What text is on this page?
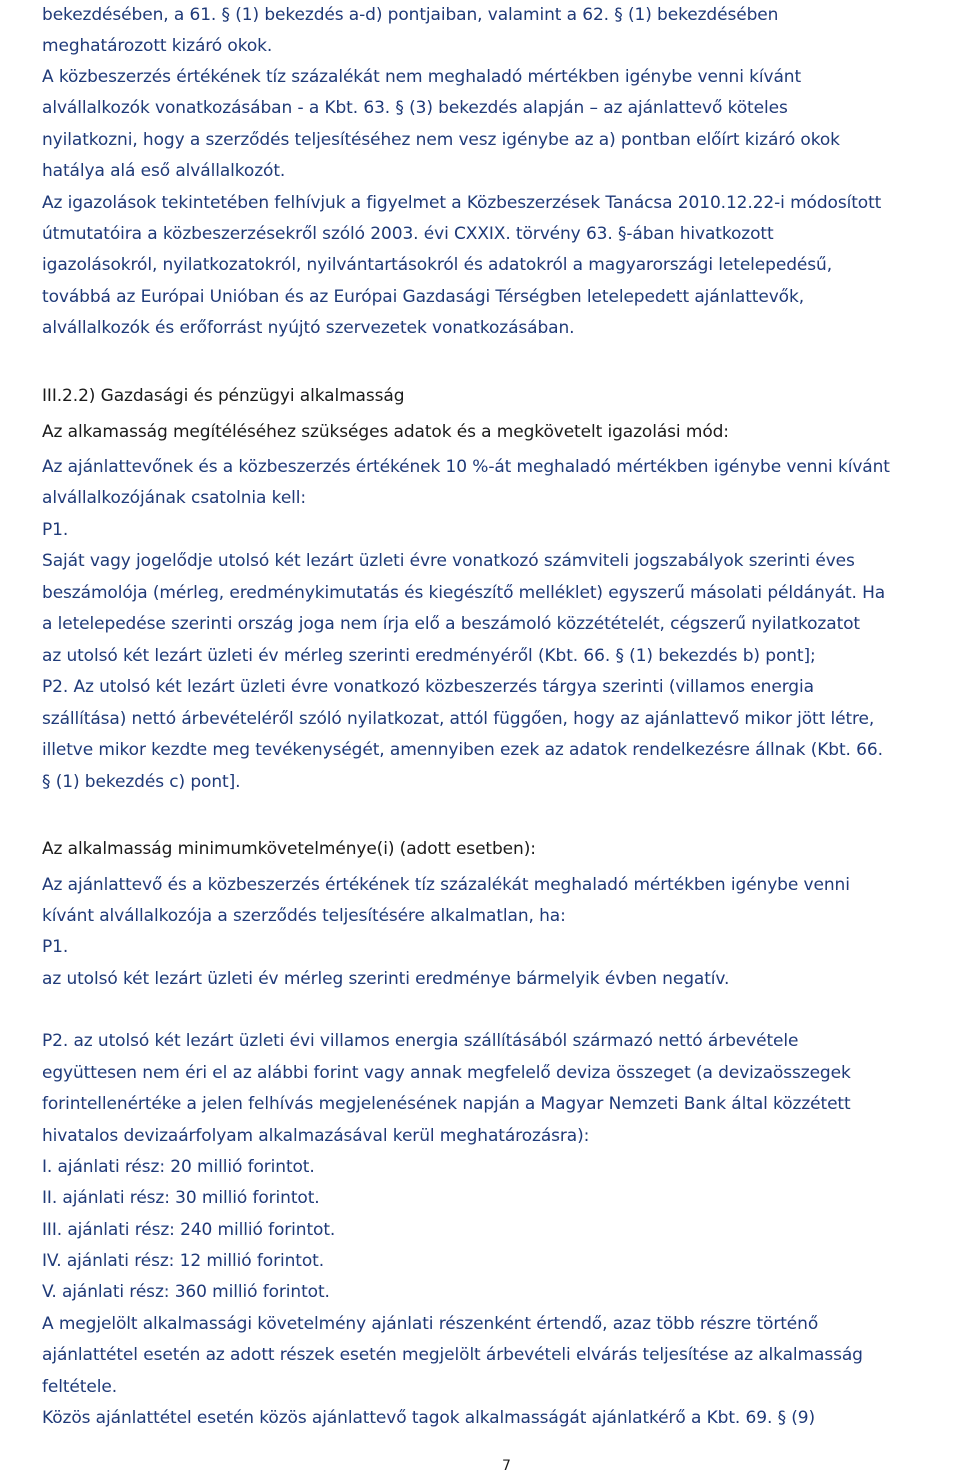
bekezdésében, a 61. § (1) bekezdés a-d) pontjaiban, valamint a 62. § (1) bekezdésében
meghatározott kizáró okok.
A közbeszerzés értékének tíz százalékát nem meghaladó mértékben igénybe venni kívánt
alvállalkozók vonatkozásában - a Kbt. 63. § (3) bekezdés alapján – az ajánlattevő köteles
nyilatkozni, hogy a szerződés teljesítéséhez nem vesz igénybe az a) pontban előírt kizáró okok
hatálya alá eső alvállalkozót.
Az igazolások tekintetében felhívjuk a figyelmet a Közbeszerzések Tanácsa 2010.12.22-i módosított
útmutatóira a közbeszerzésekről szóló 2003. évi CXXIX. törvény 63. §-ában hivatkozott
igazolásokról, nyilatkozatokról, nyilvántartásokról és adatokról a magyarországi letelepedésű,
továbbá az Európai Unióban és az Európai Gazdasági Térségben letelepedett ajánlattevők,
alvállalkozók és erőforrást nyújtó szervezetek vonatkozásában.
III.2.2) Gazdasági és pénzügyi alkalmasság
Az alkamasság megítéléséhez szükséges adatok és a megkövetelt igazolási mód:
Az ajánlattevőnek és a közbeszerzés értékének 10 %-át meghaladó mértékben igénybe venni kívánt
alvállalkozójának csatolnia kell:
P1.
Saját vagy jogelődje utolsó két lezárt üzleti évre vonatkozó számviteli jogszabályok szerinti éves
beszámolója (mérleg, eredménykimutatás és kiegészítő melléklet) egyszerű másolati példányát. Ha
a letelepedése szerinti ország joga nem írja elő a beszámoló közzétételét, cégszerű nyilatkozatot
az utolsó két lezárt üzleti év mérleg szerinti eredményéről (Kbt. 66. § (1) bekezdés b) pont];
P2. Az utolsó két lezárt üzleti évre vonatkozó közbeszerzés tárgya szerinti (villamos energia
szállítása) nettó árbevételéről szóló nyilatkozat, attól függően, hogy az ajánlattevő mikor jött létre,
illetve mikor kezdte meg tevékenységét, amennyiben ezek az adatok rendelkezésre állnak (Kbt. 66.
§ (1) bekezdés c) pont].
Az alkalmasság minimumkövetelménye(i) (adott esetben):
Az ajánlattevő és a közbeszerzés értékének tíz százalékát meghaladó mértékben igénybe venni
kívánt alvállalkozója a szerződés teljesítésére alkalmatlan, ha:
P1.
az utolsó két lezárt üzleti év mérleg szerinti eredménye bármelyik évben negatív.
P2. az utolsó két lezárt üzleti évi villamos energia szállításából származó nettó árbevétele
együttesen nem éri el az alábbi forint vagy annak megfelelő deviza összeget (a devizaösszegek
forintellenértéke a jelen felhívás megjelenésének napján a Magyar Nemzeti Bank által közzétett
hivatalos devizaárfolyam alkalmazásával kerül meghatározásra):
I. ajánlati rész: 20 millió forintot.
II. ajánlati rész: 30 millió forintot.
III. ajánlati rész: 240 millió forintot.
IV. ajánlati rész: 12 millió forintot.
V. ajánlati rész: 360 millió forintot.
A megjelölt alkalmassági követelmény ajánlati részenként értendő, azaz több részre történő
ajánlattétel esetén az adott részek esetén megjelölt árbevételi elvárás teljesítése az alkalmasság
feltétele.
Közös ajánlattétel esetén közös ajánlattevő tagok alkalmasságát ajánlatkérő a Kbt. 69. § (9)
7
